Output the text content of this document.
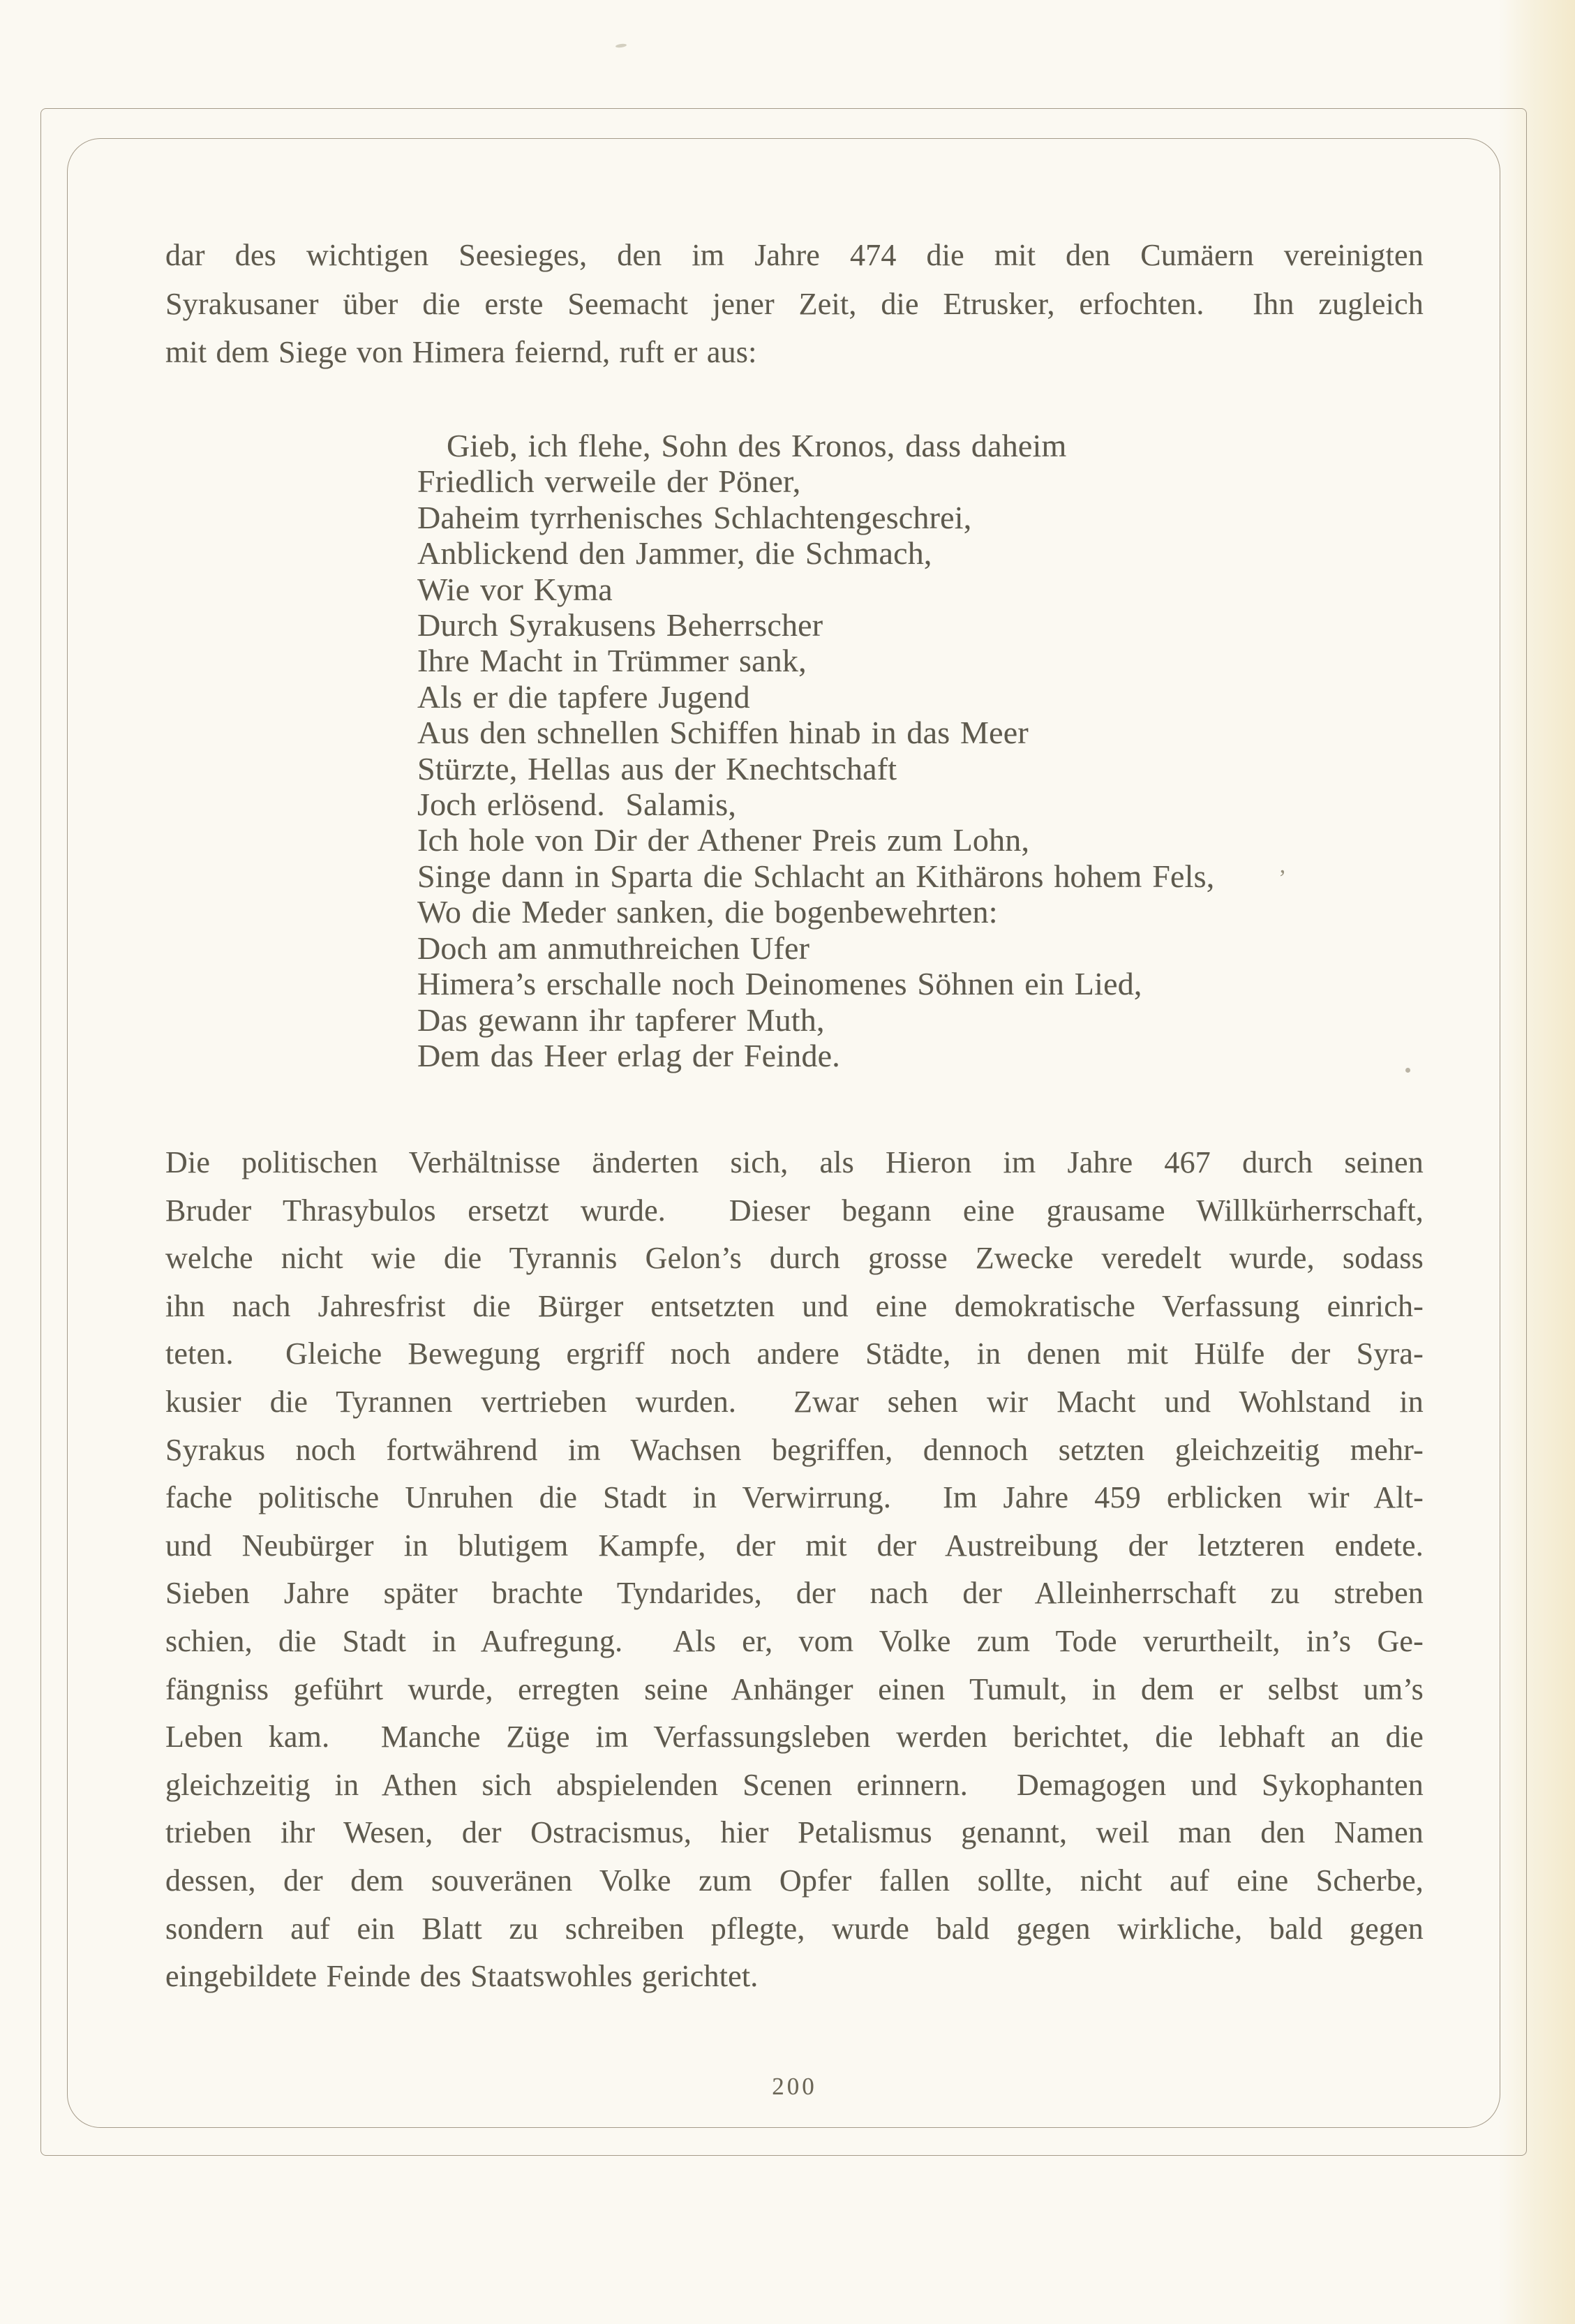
dar des wichtigen Seesieges, den im Jahre 474 die mit den Cumäern vereinigten
Syrakusaner über die erste Seemacht jener Zeit, die Etrusker, erfochten.  Ihn zugleich
mit dem Siege von Himera feiernd, ruft er aus:
Gieb, ich flehe, Sohn des Kronos, dass daheim
Friedlich verweile der Pöner,
Daheim tyrrhenisches Schlachtengeschrei,
Anblickend den Jammer, die Schmach,
Wie vor Kyma
Durch Syrakusens Beherrscher
Ihre Macht in Trümmer sank,
Als er die tapfere Jugend
Aus den schnellen Schiffen hinab in das Meer
Stürzte, Hellas aus der Knechtschaft
Joch erlösend.  Salamis,
Ich hole von Dir der Athener Preis zum Lohn,
Singe dann in Sparta die Schlacht an Kithärons hohem Fels,
Wo die Meder sanken, die bogenbewehrten:
Doch am anmuthreichen Ufer
Himera’s erschalle noch Deinomenes Söhnen ein Lied,
Das gewann ihr tapferer Muth,
Dem das Heer erlag der Feinde.
Die politischen Verhältnisse änderten sich, als Hieron im Jahre 467 durch seinen
Bruder Thrasybulos ersetzt wurde.  Dieser begann eine grausame Willkürherrschaft,
welche nicht wie die Tyrannis Gelon’s durch grosse Zwecke veredelt wurde, sodass
ihn nach Jahresfrist die Bürger entsetzten und eine demokratische Verfassung einrich-
teten.  Gleiche Bewegung ergriff noch andere Städte, in denen mit Hülfe der Syra-
kusier die Tyrannen vertrieben wurden.  Zwar sehen wir Macht und Wohlstand in
Syrakus noch fortwährend im Wachsen begriffen, dennoch setzten gleichzeitig mehr-
fache politische Unruhen die Stadt in Verwirrung.  Im Jahre 459 erblicken wir Alt-
und Neubürger in blutigem Kampfe, der mit der Austreibung der letzteren endete.
Sieben Jahre später brachte Tyndarides, der nach der Alleinherrschaft zu streben
schien, die Stadt in Aufregung.  Als er, vom Volke zum Tode verurtheilt, in’s Ge-
fängniss geführt wurde, erregten seine Anhänger einen Tumult, in dem er selbst um’s
Leben kam.  Manche Züge im Verfassungsleben werden berichtet, die lebhaft an die
gleichzeitig in Athen sich abspielenden Scenen erinnern.  Demagogen und Sykophanten
trieben ihr Wesen, der Ostracismus, hier Petalismus genannt, weil man den Namen
dessen, der dem souveränen Volke zum Opfer fallen sollte, nicht auf eine Scherbe,
sondern auf ein Blatt zu schreiben pflegte, wurde bald gegen wirkliche, bald gegen
eingebildete Feinde des Staatswohles gerichtet.
200
’
